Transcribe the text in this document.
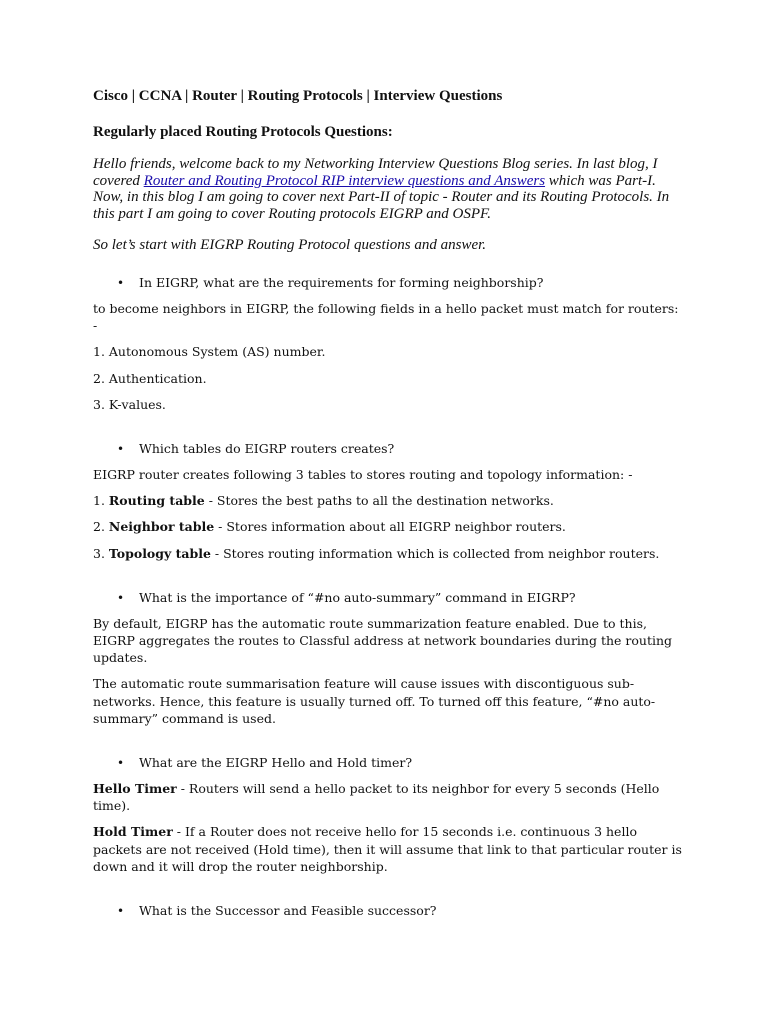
Cisco | CCNA | Router | Routing Protocols | Interview Questions
Regularly placed Routing Protocols Questions:
Hello friends, welcome back to my Networking Interview Questions Blog series. In last blog, I covered Router and Routing Protocol RIP interview questions and Answers which was Part-I. Now, in this blog I am going to cover next Part-II of topic - Router and its Routing Protocols. In this part I am going to cover Routing protocols EIGRP and OSPF.
So let’s start with EIGRP Routing Protocol questions and answer.
• In EIGRP, what are the requirements for forming neighborship?
to become neighbors in EIGRP, the following fields in a hello packet must match for routers: -
1. Autonomous System (AS) number.
2. Authentication.
3. K-values.
• Which tables do EIGRP routers creates?
EIGRP router creates following 3 tables to stores routing and topology information: -
1. Routing table - Stores the best paths to all the destination networks.
2. Neighbor table - Stores information about all EIGRP neighbor routers.
3. Topology table - Stores routing information which is collected from neighbor routers.
• What is the importance of “#no auto-summary” command in EIGRP?
By default, EIGRP has the automatic route summarization feature enabled. Due to this, EIGRP aggregates the routes to Classful address at network boundaries during the routing updates.
The automatic route summarisation feature will cause issues with discontiguous sub-networks. Hence, this feature is usually turned off. To turned off this feature, “#no auto-summary” command is used.
• What are the EIGRP Hello and Hold timer?
Hello Timer - Routers will send a hello packet to its neighbor for every 5 seconds (Hello time).
Hold Timer - If a Router does not receive hello for 15 seconds i.e. continuous 3 hello packets are not received (Hold time), then it will assume that link to that particular router is down and it will drop the router neighborship.
• What is the Successor and Feasible successor?
